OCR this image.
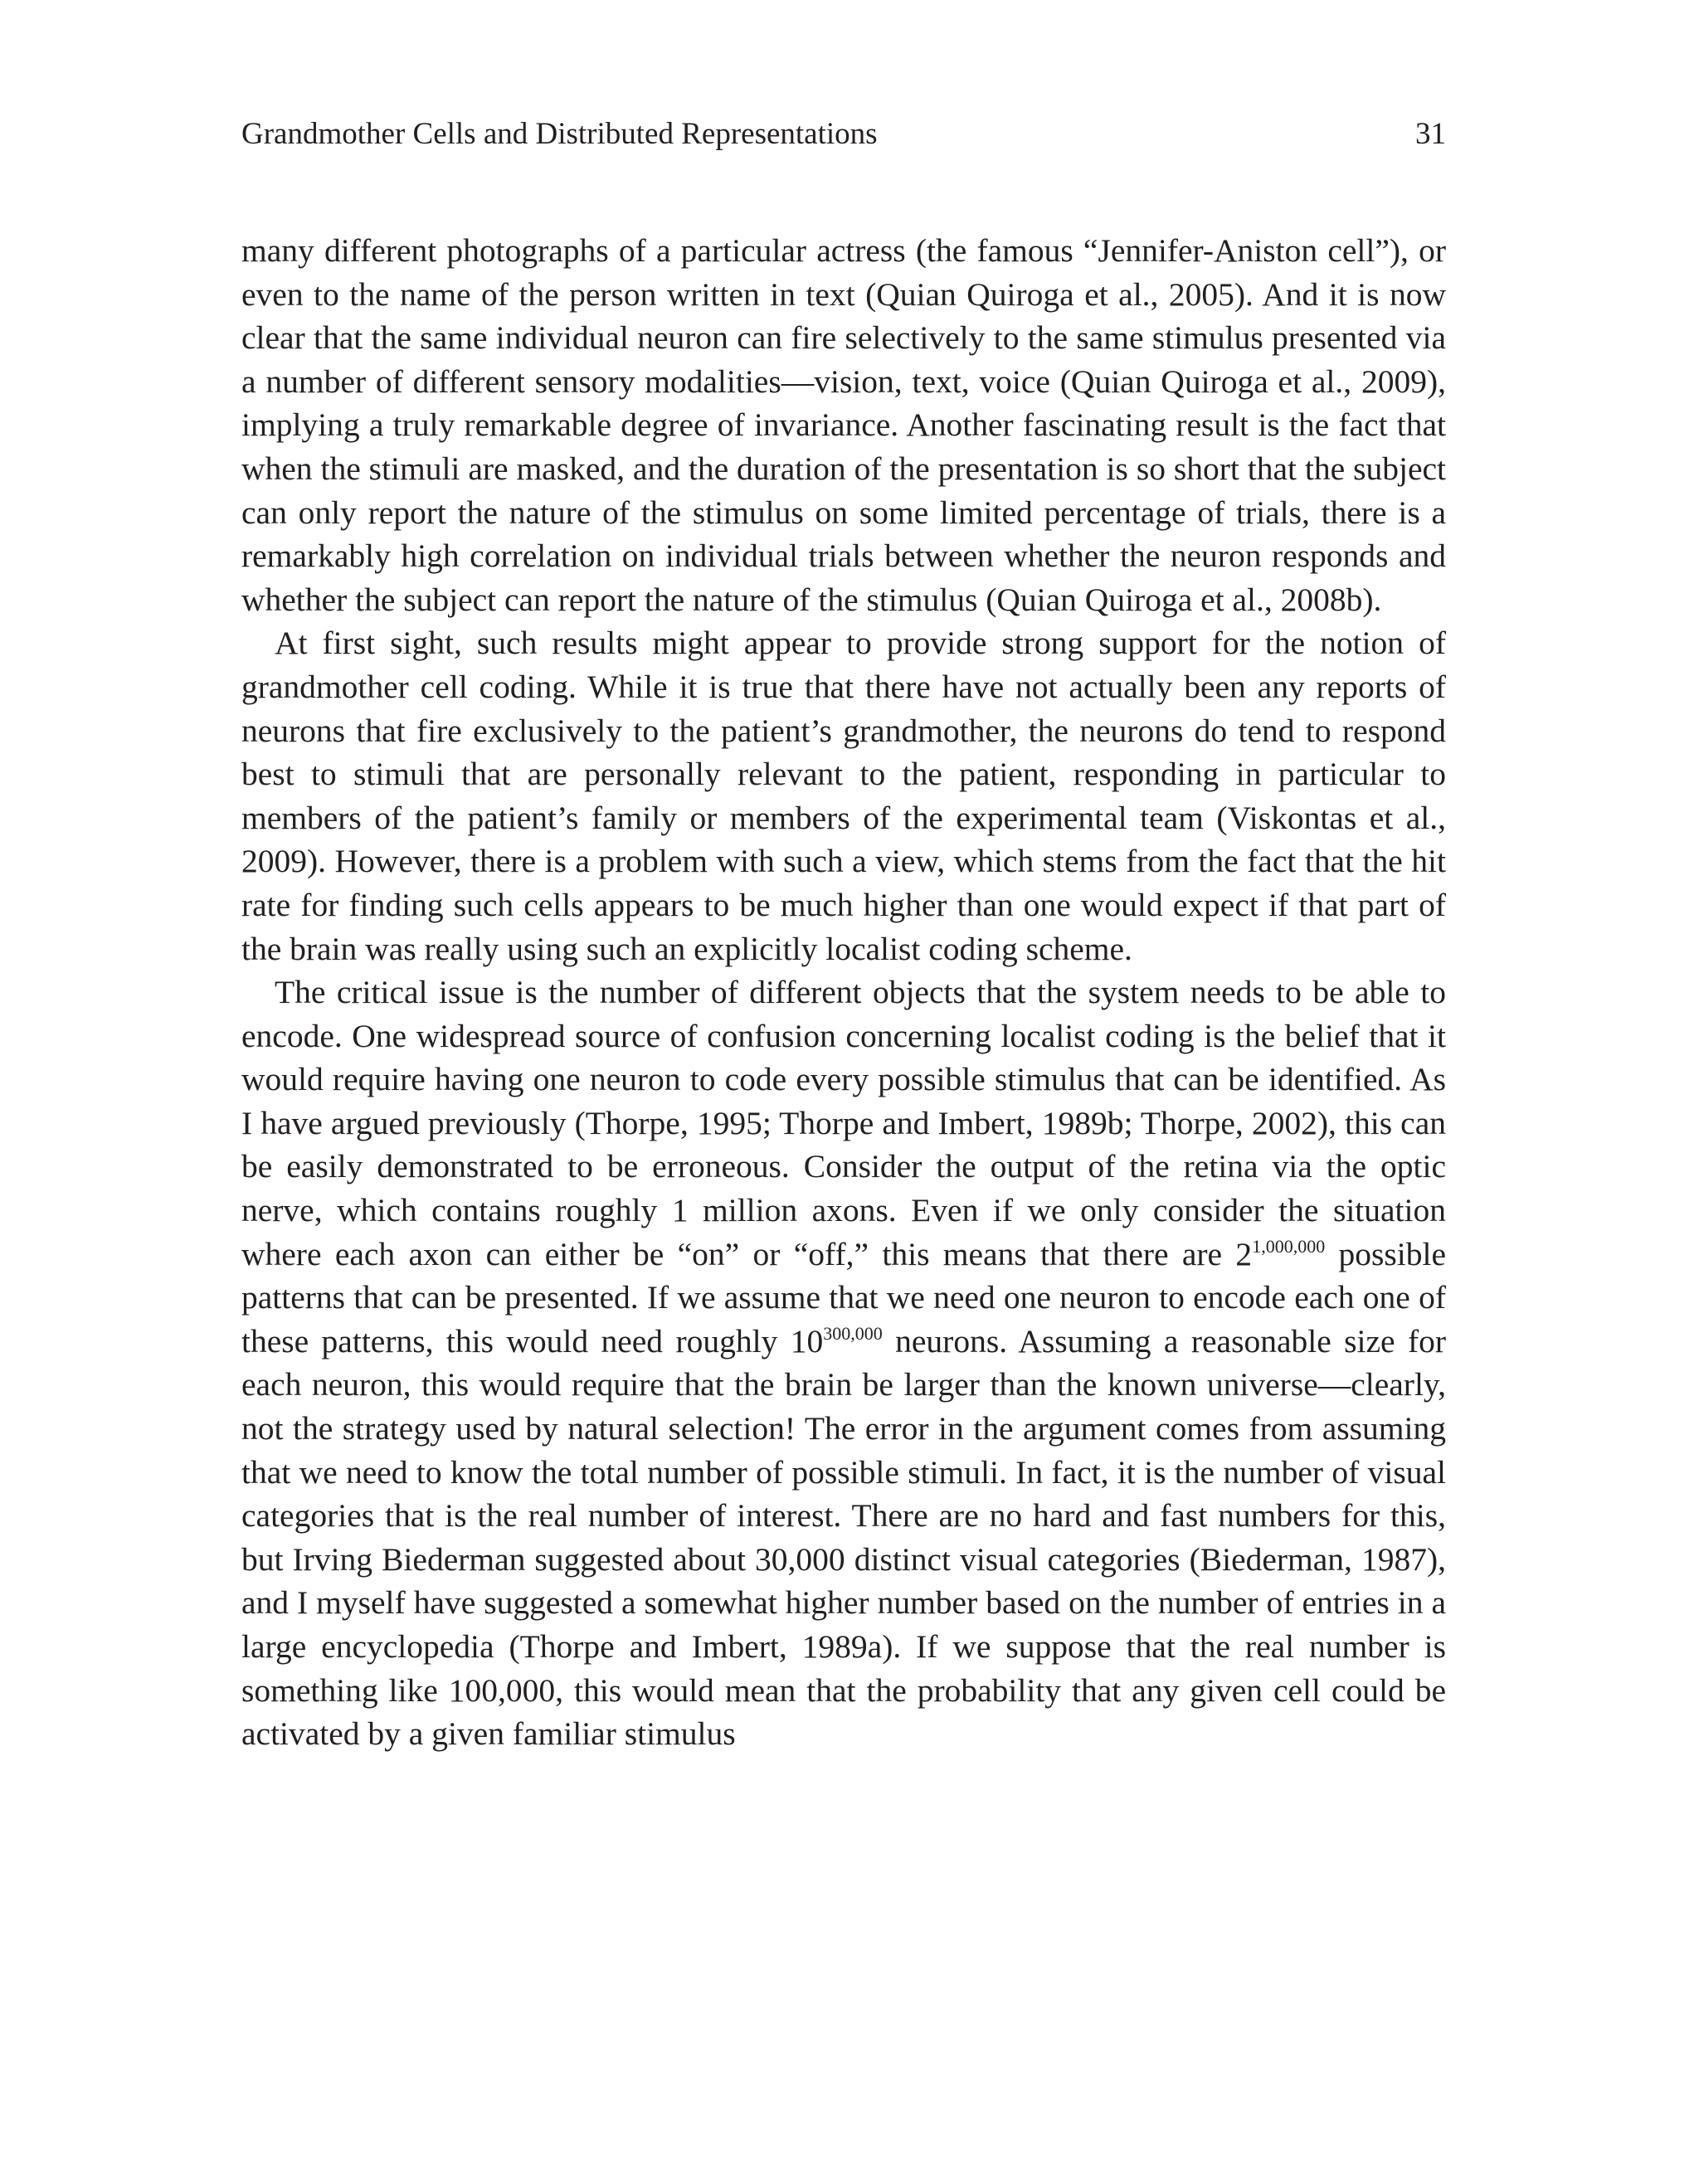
Grandmother Cells and Distributed Representations	31

many different photographs of a particular actress (the famous “Jennifer-Aniston cell”), or even to the name of the person written in text (Quian Quiroga et al., 2005). And it is now clear that the same individual neuron can fire selectively to the same stimulus presented via a number of different sensory modalities—vision, text, voice (Quian Quiroga et al., 2009), implying a truly remarkable degree of invariance. Another fascinating result is the fact that when the stimuli are masked, and the duration of the presentation is so short that the subject can only report the nature of the stimulus on some limited percentage of trials, there is a remarkably high correlation on individual trials between whether the neuron responds and whether the subject can report the nature of the stimulus (Quian Quiroga et al., 2008b).

At first sight, such results might appear to provide strong support for the notion of grandmother cell coding. While it is true that there have not actually been any reports of neurons that fire exclusively to the patient’s grandmother, the neurons do tend to respond best to stimuli that are personally relevant to the patient, responding in particular to members of the patient’s family or members of the experimental team (Viskontas et al., 2009). However, there is a problem with such a view, which stems from the fact that the hit rate for finding such cells appears to be much higher than one would expect if that part of the brain was really using such an explicitly localist coding scheme.

The critical issue is the number of different objects that the system needs to be able to encode. One widespread source of confusion concerning localist coding is the belief that it would require having one neuron to code every possible stimulus that can be identified. As I have argued previously (Thorpe, 1995; Thorpe and Imbert, 1989b; Thorpe, 2002), this can be easily demonstrated to be erroneous. Consider the output of the retina via the optic nerve, which contains roughly 1 million axons. Even if we only consider the situation where each axon can either be “on” or “off,” this means that there are 2$^{1,000,000}$ possible patterns that can be presented. If we assume that we need one neuron to encode each one of these patterns, this would need roughly 10$^{300,000}$ neurons. Assuming a reasonable size for each neuron, this would require that the brain be larger than the known universe—clearly, not the strategy used by natural selection! The error in the argument comes from assuming that we need to know the total number of possible stimuli. In fact, it is the number of visual categories that is the real number of interest. There are no hard and fast numbers for this, but Irving Biederman suggested about 30,000 distinct visual categories (Biederman, 1987), and I myself have suggested a somewhat higher number based on the number of entries in a large encyclopedia (Thorpe and Imbert, 1989a). If we suppose that the real number is something like 100,000, this would mean that the probability that any given cell could be activated by a given familiar stimulus
